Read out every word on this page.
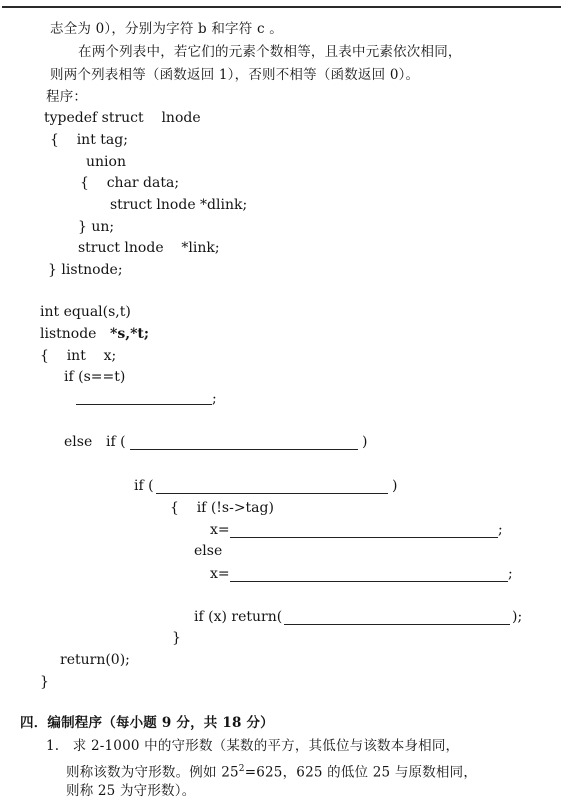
志全为 0），分别为字符 b 和字符 c 。
在两个列表中，若它们的元素个数相等，且表中元素依次相同，
则两个列表相等（函数返回 1），否则不相等（函数返回 0）。
程序：
typedef struct    lnode
{    int tag;
union
{    char data;
struct lnode *dlink;
} un;
struct lnode    *link;
} listnode;
int equal(s,t)
listnode *s,*t;
{    int    x;
if (s==t)
;
else if (	)
if (	)
{    if (!s->tag)
x=	;
else
x=	;
if (x) return(	);
}
return(0);
}
四．编制程序（每小题 9 分，共 18 分）
1.   求 2-1000 中的守形数（某数的平方，其低位与该数本身相同，
则称该数为守形数。例如 $25^2=625$，625 的低位 25 与原数相同，
则称 25 为守形数）。
